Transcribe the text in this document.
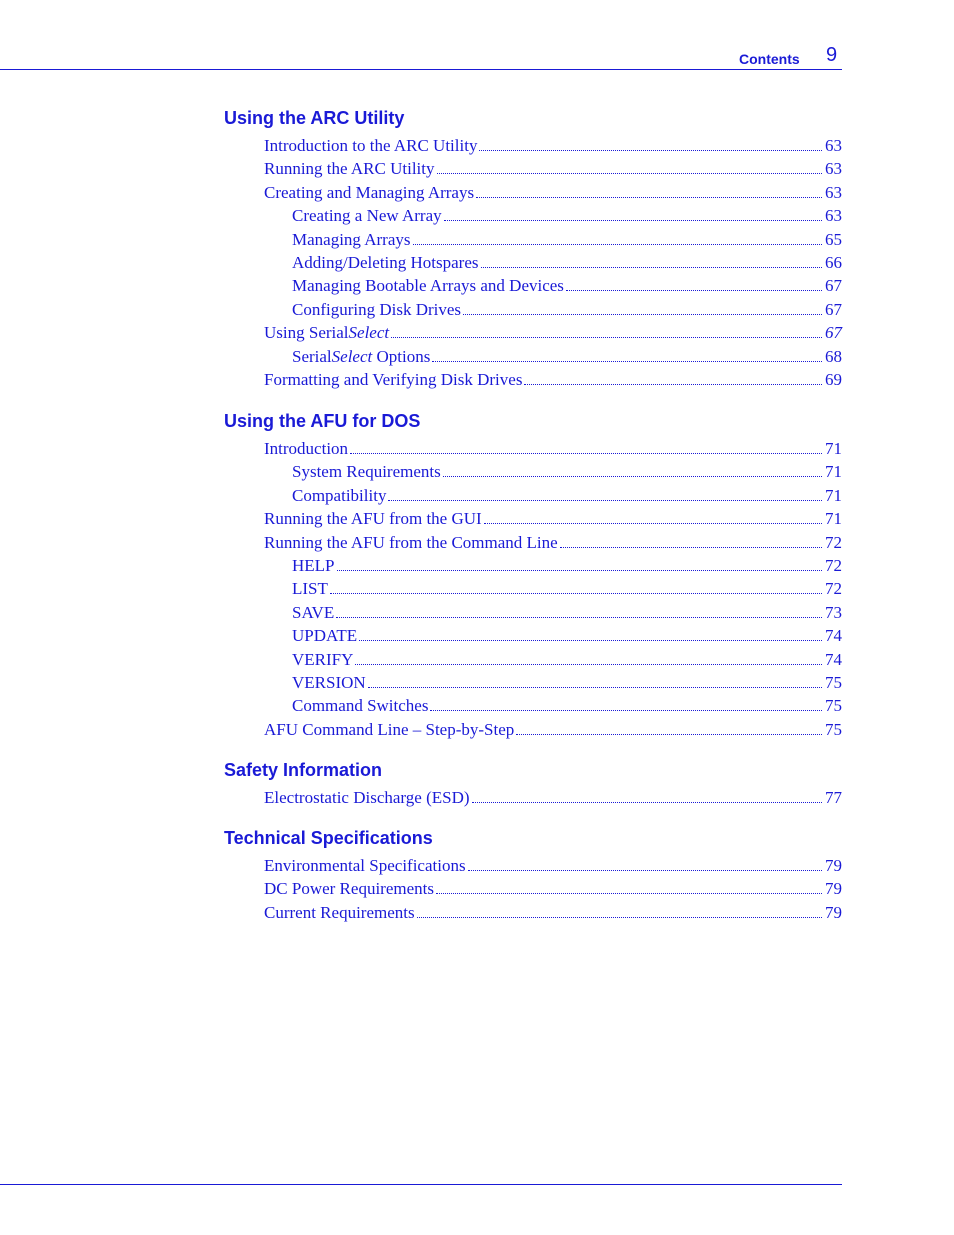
Contents 9
Using the ARC Utility
Introduction to the ARC Utility	63
Running the ARC Utility	63
Creating and Managing Arrays	63
Creating a New Array	63
Managing Arrays	65
Adding/Deleting Hotspares	66
Managing Bootable Arrays and Devices	67
Configuring Disk Drives	67
Using SerialSelect	67
SerialSelect Options	68
Formatting and Verifying Disk Drives	69
Using the AFU for DOS
Introduction	71
System Requirements	71
Compatibility	71
Running the AFU from the GUI	71
Running the AFU from the Command Line	72
HELP	72
LIST	72
SAVE	73
UPDATE	74
VERIFY	74
VERSION	75
Command Switches	75
AFU Command Line – Step-by-Step	75
Safety Information
Electrostatic Discharge (ESD)	77
Technical Specifications
Environmental Specifications	79
DC Power Requirements	79
Current Requirements	79
